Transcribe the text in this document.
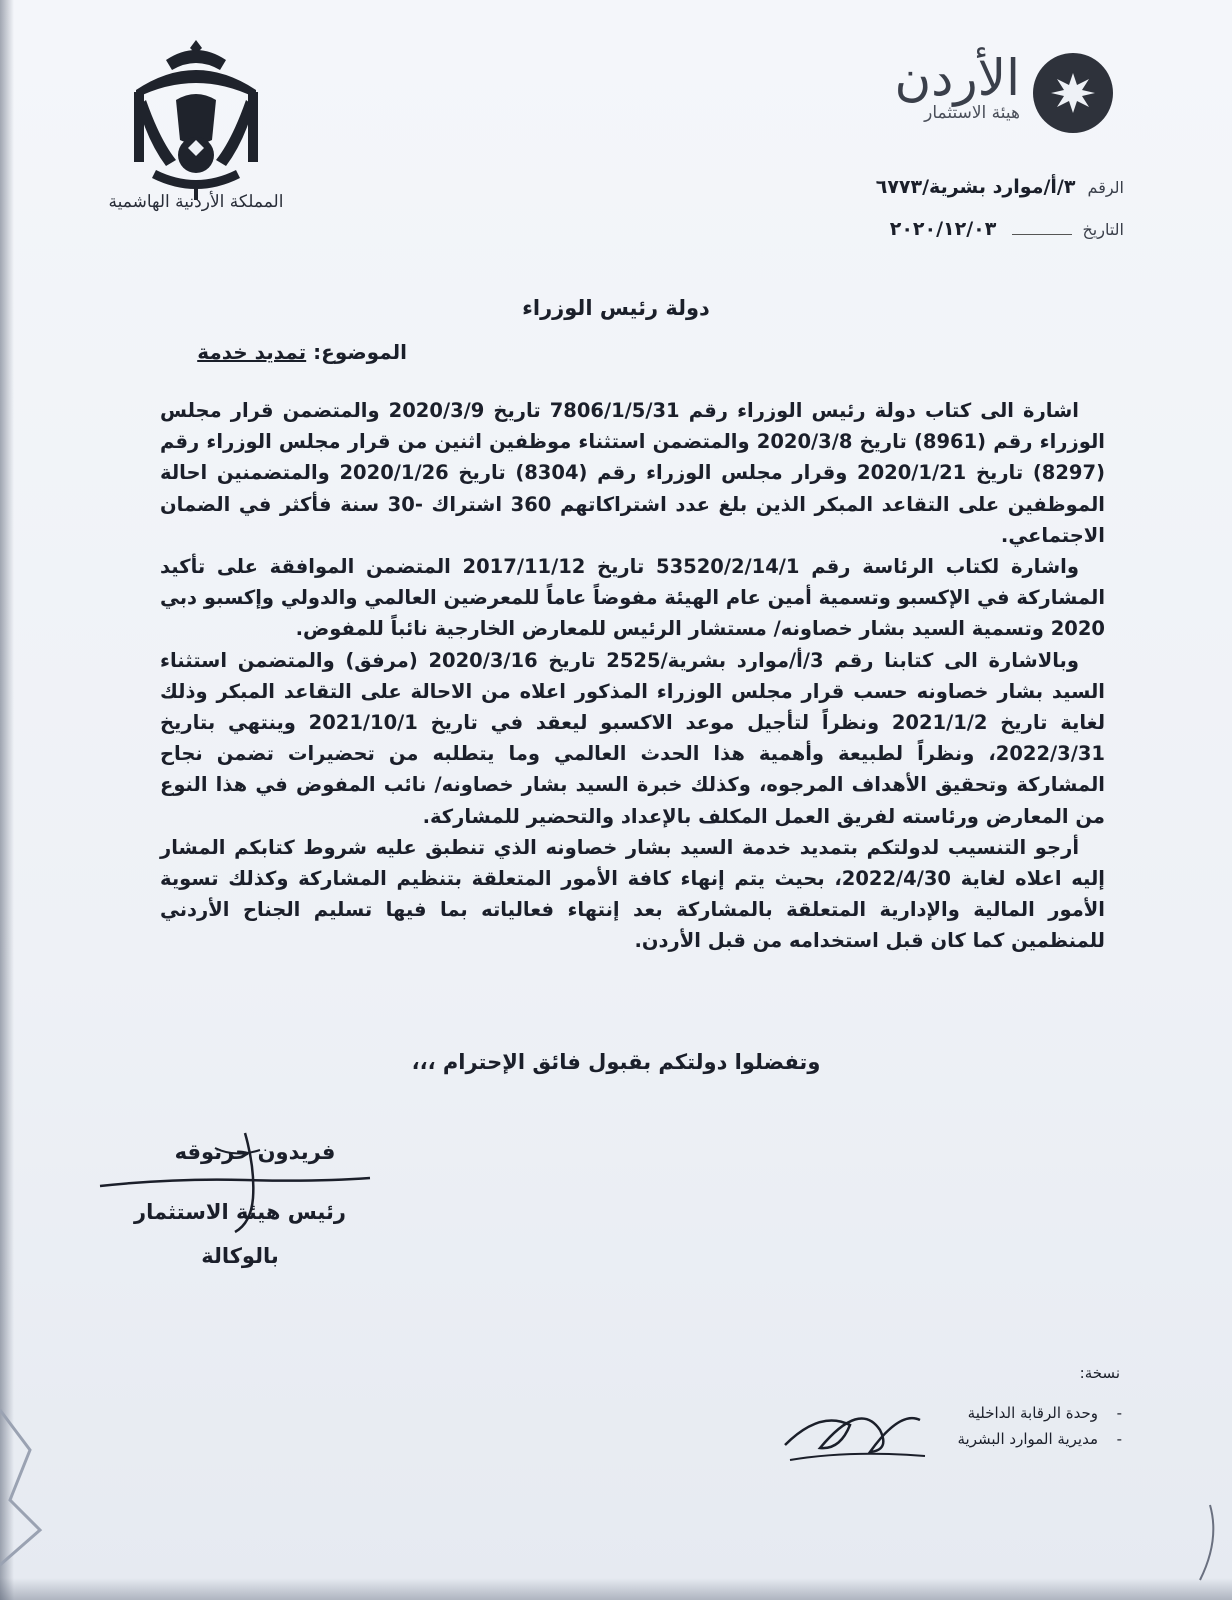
المملكة الأردنية الهاشمية
الأردن
هيئة الاستثمار
الرقم ٣/أ/موارد بشرية/٦٧٧٣
التاريخ  ٢٠٢٠/١٢/٠٣
دولة رئيس الوزراء
الموضوع: تمديد خدمة

اشارة الى كتاب دولة رئيس الوزراء رقم 7806/1/5/31 تاريخ 2020/3/9 والمتضمن قرار مجلس الوزراء رقم (8961) تاريخ 2020/3/8 والمتضمن استثناء موظفين اثنين من قرار مجلس الوزراء رقم (8297) تاريخ 2020/1/21 وقرار مجلس الوزراء رقم (8304) تاريخ 2020/1/26 والمتضمنين احالة الموظفين على التقاعد المبكر الذين بلغ عدد اشتراكاتهم 360 اشتراك -30 سنة فأكثر في الضمان الاجتماعي.

واشارة لكتاب الرئاسة رقم 53520/2/14/1 تاريخ 2017/11/12 المتضمن الموافقة على تأكيد المشاركة في الإكسبو وتسمية أمين عام الهيئة مفوضاً عاماً للمعرضين العالمي والدولي وإكسبو دبي 2020 وتسمية السيد بشار خصاونه/ مستشار الرئيس للمعارض الخارجية نائباً للمفوض.

وبالاشارة الى كتابنا رقم 3/أ/موارد بشرية/2525 تاريخ 2020/3/16 (مرفق) والمتضمن استثناء السيد بشار خصاونه حسب قرار مجلس الوزراء المذكور اعلاه من الاحالة على التقاعد المبكر وذلك لغاية تاريخ 2021/1/2 ونظراً لتأجيل موعد الاكسبو ليعقد في تاريخ 2021/10/1 وينتهي بتاريخ 2022/3/31، ونظراً لطبيعة وأهمية هذا الحدث العالمي وما يتطلبه من تحضيرات تضمن نجاح المشاركة وتحقيق الأهداف المرجوه، وكذلك خبرة السيد بشار خصاونه/ نائب المفوض في هذا النوع من المعارض ورئاسته لفريق العمل المكلف بالإعداد والتحضير للمشاركة.

أرجو التنسيب لدولتكم بتمديد خدمة السيد بشار خصاونه الذي تنطبق عليه شروط كتابكم المشار إليه اعلاه لغاية 2022/4/30، بحيث يتم إنهاء كافة الأمور المتعلقة بتنظيم المشاركة وكذلك تسوية الأمور المالية والإدارية المتعلقة بالمشاركة بعد إنتهاء فعالياته بما فيها تسليم الجناح الأردني للمنظمين كما كان قبل استخدامه من قبل الأردن.

وتفضلوا دولتكم بقبول فائق الإحترام ،،،
فريدون حرتوقه
رئيس هيئة الاستثمار
بالوكالة
نسخة:
-وحدة الرقابة الداخلية
-مديرية الموارد البشرية
